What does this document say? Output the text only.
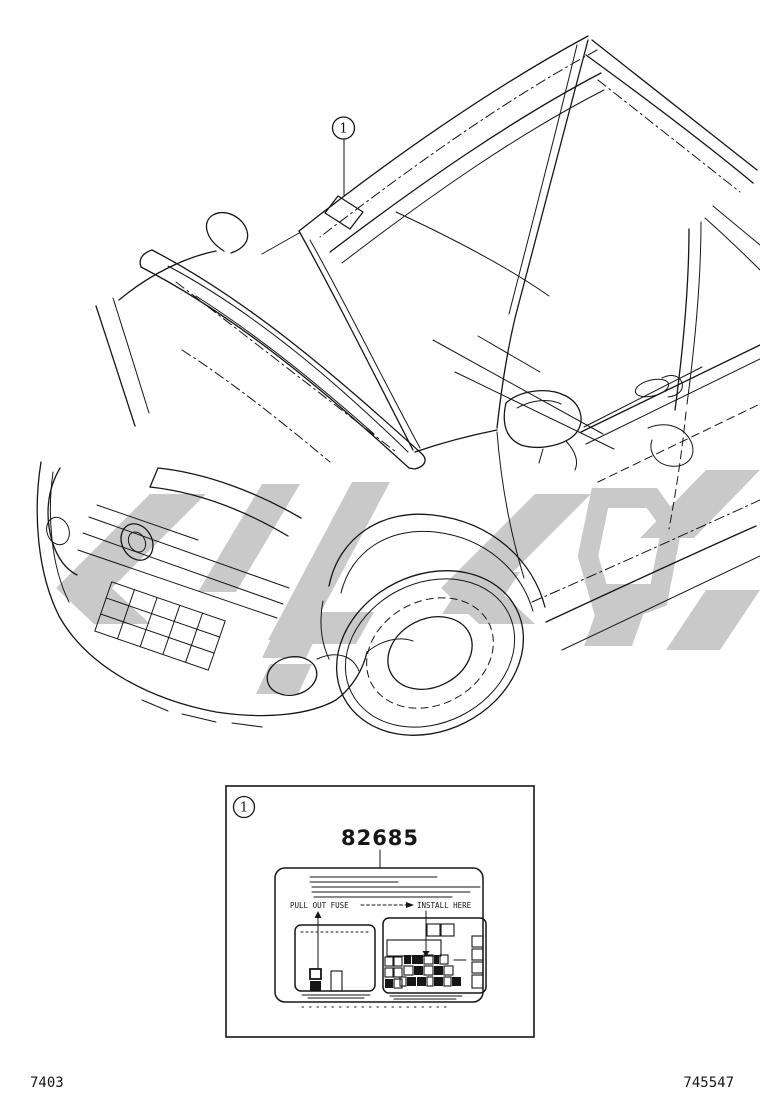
1
1
82685
PULL OUT FUSE	INSTALL HERE
7403	745547
